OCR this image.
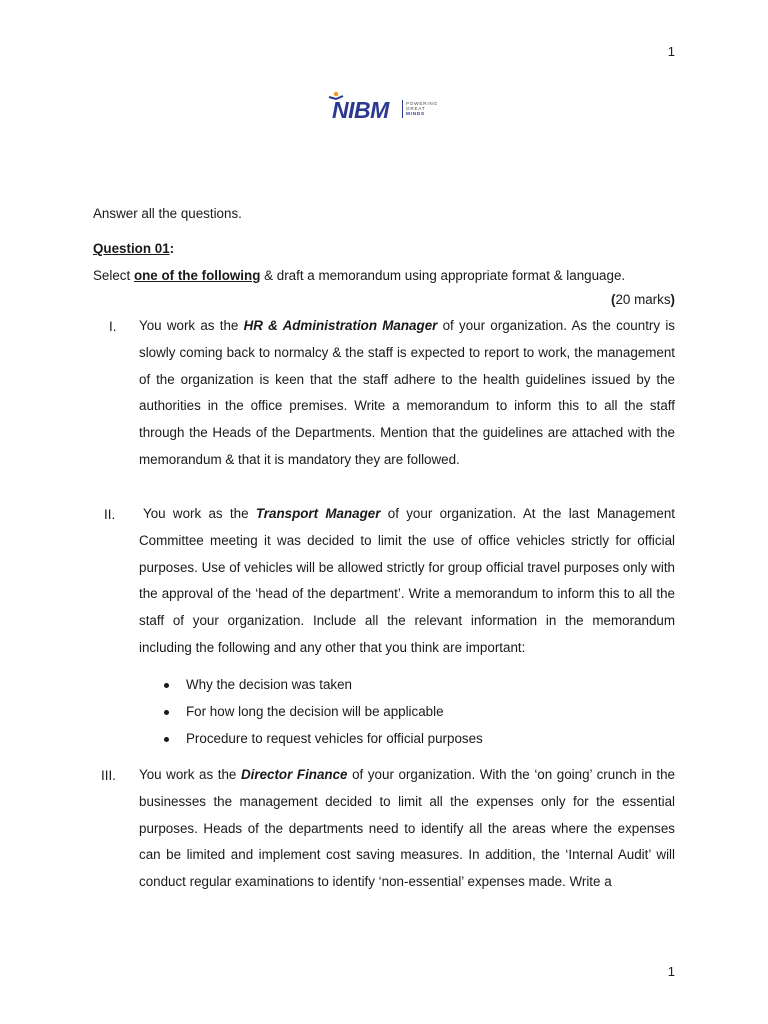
1
NIBM	POWERING
GREAT
MINDS
Answer all the questions.
Question 01:
Select one of the following & draft a memorandum using appropriate format & language.
(20 marks)
I.	You work as the HR & Administration Manager of your organization. As the country is slowly coming back to normalcy & the staff is expected to report to work, the management of the organization is keen that the staff adhere to the health guidelines issued by the authorities in the office premises. Write a memorandum to inform this to all the staff through the Heads of the Departments. Mention that the guidelines are attached with the memorandum & that it is mandatory they are followed.

II.	You work as the Transport Manager of your organization. At the last Management Committee meeting it was decided to limit the use of office vehicles strictly for official purposes. Use of vehicles will be allowed strictly for group official travel purposes only with the approval of the ‘head of the department’. Write a memorandum to inform this to all the staff of your organization. Include all the relevant information in the memorandum including the following and any other that you think are important:

Why the decision was taken
For how long the decision will be applicable
Procedure to request vehicles for official purposes
III.	You work as the Director Finance of your organization. With the ‘on going’ crunch in the businesses the management decided to limit all the expenses only for the essential purposes. Heads of the departments need to identify all the areas where the expenses can be limited and implement cost saving measures. In addition, the ‘Internal Audit’ will conduct regular examinations to identify ‘non-essential’ expenses made. Write a

1
